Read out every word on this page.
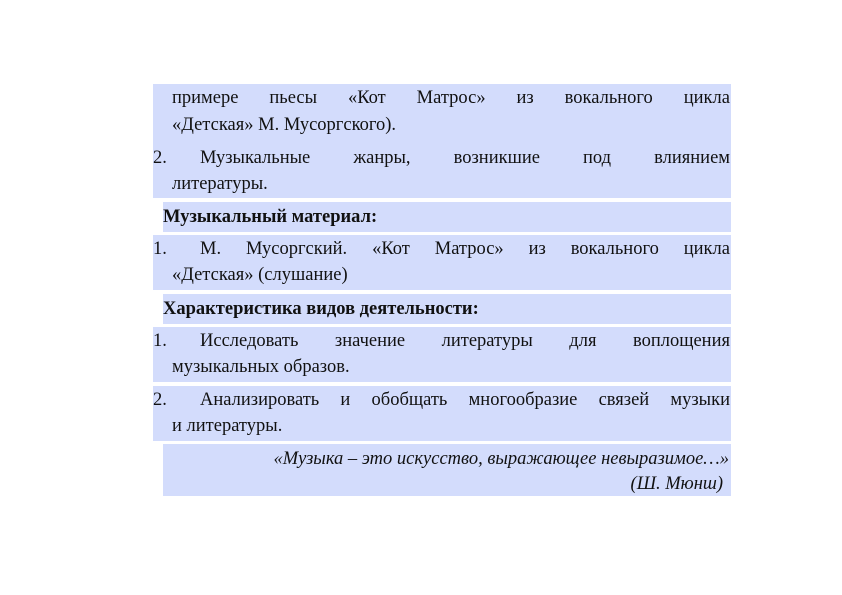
примере пьесы «Кот Матрос» из вокального цикла
«Детская» М. Мусоргского).
2. Музыкальные жанры, возникшие под влиянием
литературы.
Музыкальный материал:
1. М. Мусоргский. «Кот Матрос» из вокального цикла
«Детская» (слушание)
Характеристика видов деятельности:
1. Исследовать значение литературы для воплощения
музыкальных образов.
2. Анализировать и обобщать многообразие связей музыки
и литературы.
«Музыка – это искусство, выражающее невыразимое…»
(Ш. Мюнш)
